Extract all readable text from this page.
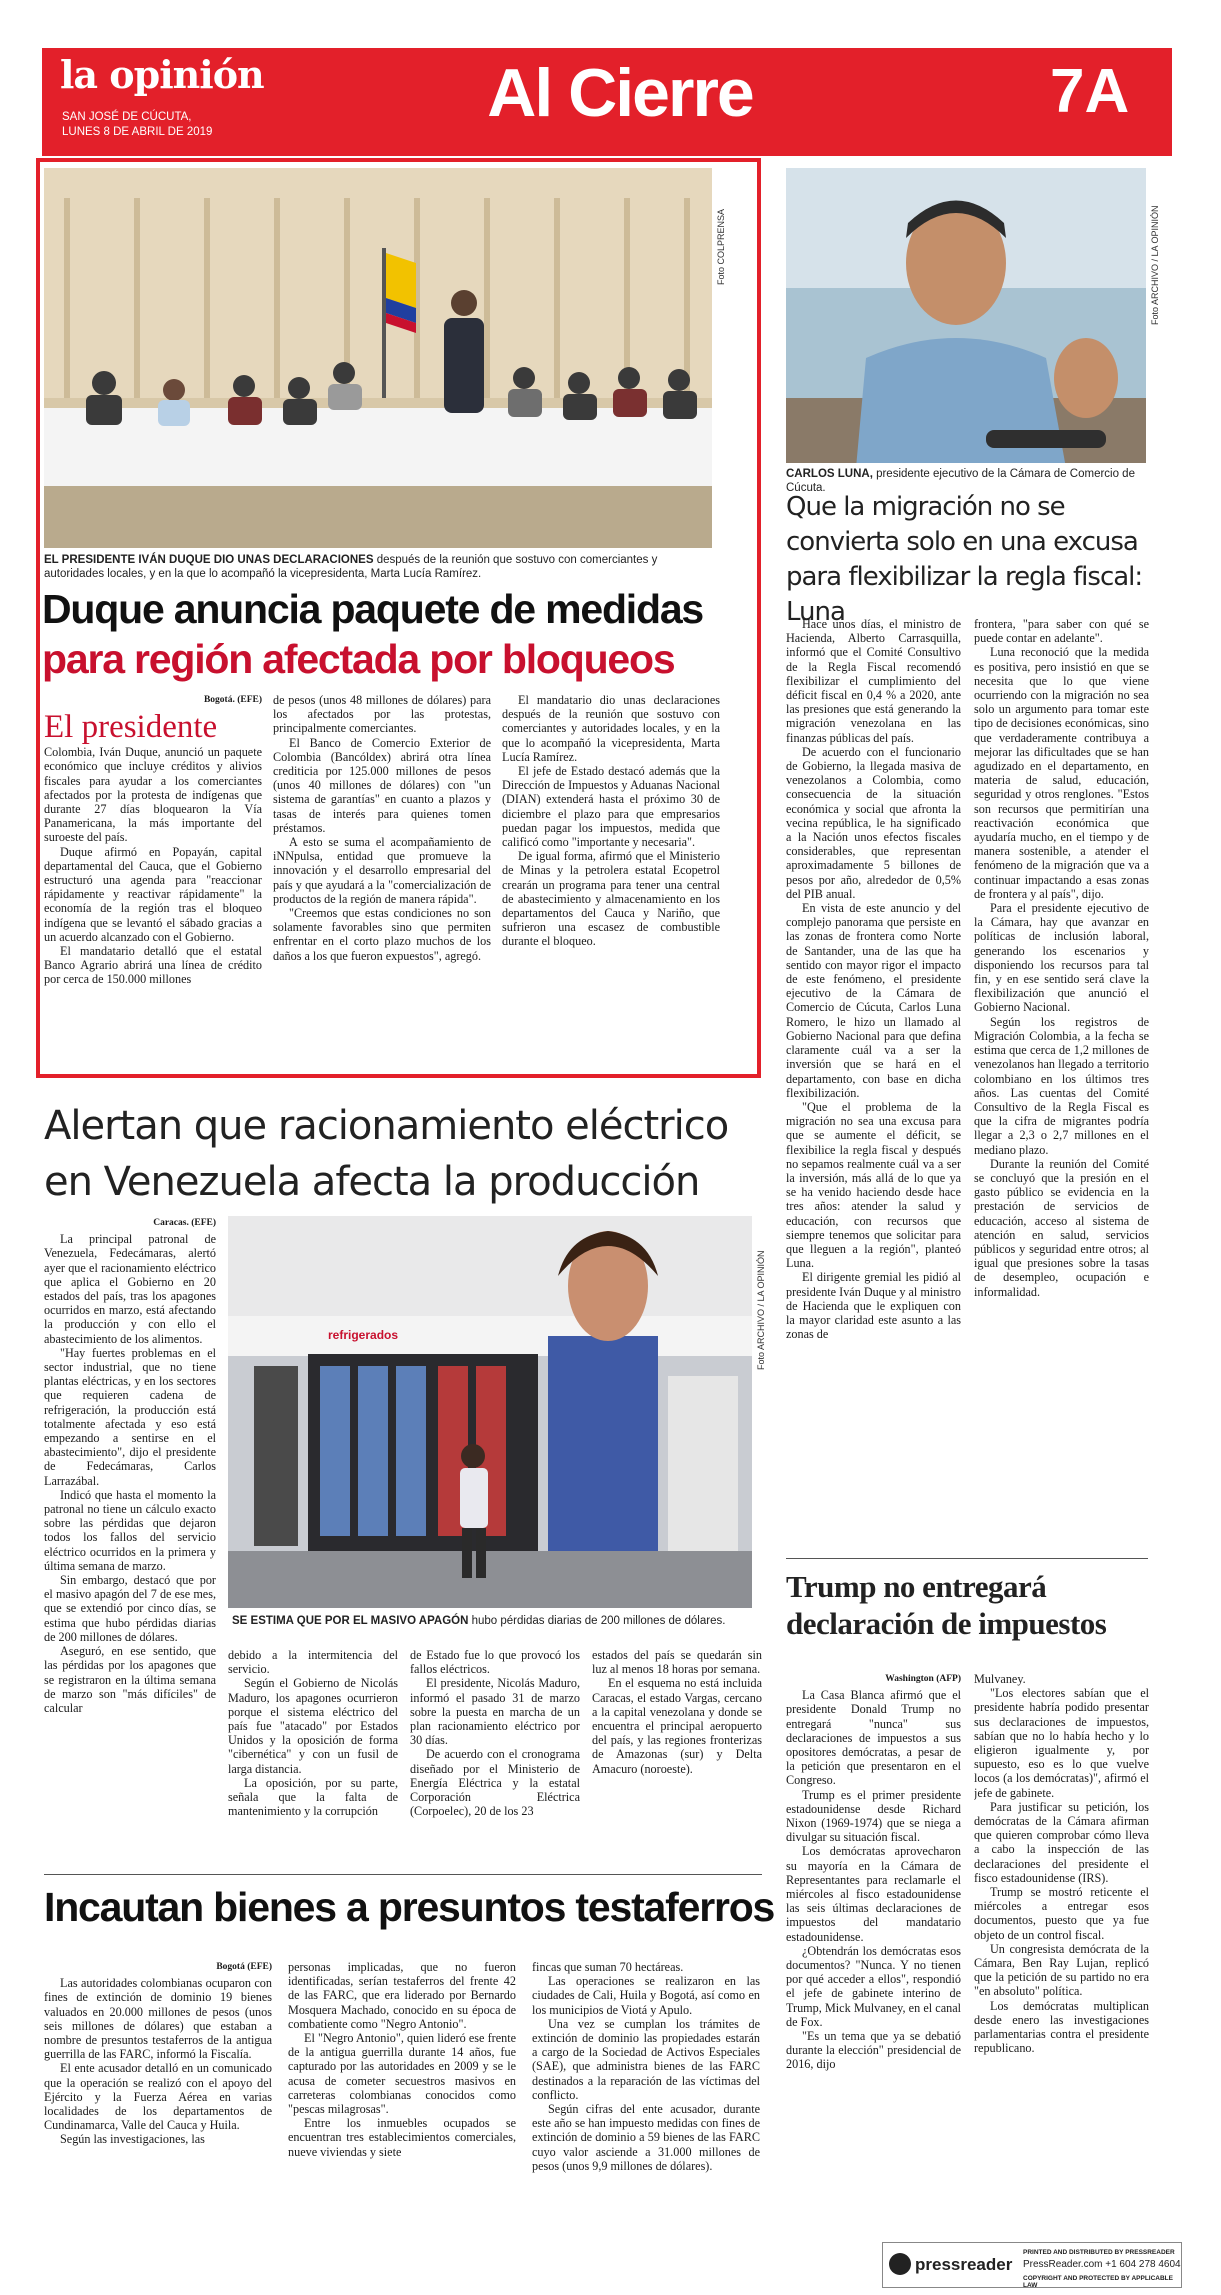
la opinión
SAN JOSÉ DE CÚCUTA,
LUNES 8 DE ABRIL DE 2019
Al Cierre	7A
Foto COLPRENSA
EL PRESIDENTE IVÁN DUQUE DIO UNAS DECLARACIONES después de la reunión que sostuvo con comerciantes y autoridades locales, y en la que lo acompañó la vicepresidenta, Marta Lucía Ramírez.
Duque anuncia paquete de medidas
para región afectada por bloqueos
Bogotá. (EFE)
El presidente

Colombia, Iván Duque, anunció un paquete económico que incluye créditos y alivios fiscales para ayudar a los comerciantes afectados por la protesta de indígenas que durante 27 días bloquearon la Vía Panamericana, la más importante del suroeste del país.

Duque afirmó en Popayán, capital departamental del Cauca, que el Gobierno estructuró una agenda para "reaccionar rápidamente y reactivar rápidamente" la economía de la región tras el bloqueo indígena que se levantó el sábado gracias a un acuerdo alcanzado con el Gobierno.

El mandatario detalló que el estatal Banco Agrario abrirá una línea de crédito por cerca de 150.000 millones

de pesos (unos 48 millones de dólares) para los afectados por las protestas, principalmente comerciantes.

El Banco de Comercio Exterior de Colombia (Bancóldex) abrirá otra línea crediticia por 125.000 millones de pesos (unos 40 millones de dólares) con "un sistema de garantías" en cuanto a plazos y tasas de interés para quienes tomen préstamos.

A esto se suma el acompañamiento de iNNpulsa, entidad que promueve la innovación y el desarrollo empresarial del país y que ayudará a la "comercialización de productos de la región de manera rápida".

"Creemos que estas condiciones no son solamente favorables sino que permiten enfrentar en el corto plazo muchos de los daños a los que fueron expuestos", agregó.

El mandatario dio unas declaraciones después de la reunión que sostuvo con comerciantes y autoridades locales, y en la que lo acompañó la vicepresidenta, Marta Lucía Ramírez.

El jefe de Estado destacó además que la Dirección de Impuestos y Aduanas Nacional (DIAN) extenderá hasta el próximo 30 de diciembre el plazo para que empresarios puedan pagar los impuestos, medida que calificó como "importante y necesaria".

De igual forma, afirmó que el Ministerio de Minas y la petrolera estatal Ecopetrol crearán un programa para tener una central de abastecimiento y almacenamiento en los departamentos del Cauca y Nariño, que sufrieron una escasez de combustible durante el bloqueo.

Foto ARCHIVO / LA OPINIÓN
CARLOS LUNA, presidente ejecutivo de la Cámara de Comercio de Cúcuta.
Que la migración no se convierta solo en una excusa para flexibilizar la regla fiscal: Luna

Hace unos días, el ministro de Hacienda, Alberto Carrasquilla, informó que el Comité Consultivo de la Regla Fiscal recomendó flexibilizar el cumplimiento del déficit fiscal en 0,4 % a 2020, ante las presiones que está generando la migración venezolana en las finanzas públicas del país.

De acuerdo con el funcionario de Gobierno, la llegada masiva de venezolanos a Colombia, como consecuencia de la situación económica y social que afronta la vecina república, le ha significado a la Nación unos efectos fiscales considerables, que representan aproximadamente 5 billones de pesos por año, alrededor de 0,5% del PIB anual.

En vista de este anuncio y del complejo panorama que persiste en las zonas de frontera como Norte de Santander, una de las que ha sentido con mayor rigor el impacto de este fenómeno, el presidente ejecutivo de la Cámara de Comercio de Cúcuta, Carlos Luna Romero, le hizo un llamado al Gobierno Nacional para que defina claramente cuál va a ser la inversión que se hará en el departamento, con base en dicha flexibilización.

"Que el problema de la migración no sea una excusa para que se aumente el déficit, se flexibilice la regla fiscal y después no sepamos realmente cuál va a ser la inversión, más allá de lo que ya se ha venido haciendo desde hace tres años: atender la salud y educación, con recursos que siempre tenemos que solicitar para que lleguen a la región", planteó Luna.

El dirigente gremial les pidió al presidente Iván Duque y al ministro de Hacienda que le expliquen con la mayor claridad este asunto a las zonas de

frontera, "para saber con qué se puede contar en adelante".

Luna reconoció que la medida es positiva, pero insistió en que se necesita que lo que viene ocurriendo con la migración no sea solo un argumento para tomar este tipo de decisiones económicas, sino que verdaderamente contribuya a mejorar las dificultades que se han agudizado en el departamento, en materia de salud, educación, seguridad y otros renglones. "Estos son recursos que permitirían una reactivación económica que ayudaría mucho, en el tiempo y de manera sostenible, a atender el fenómeno de la migración que va a continuar impactando a esas zonas de frontera y al país", dijo.

Para el presidente ejecutivo de la Cámara, hay que avanzar en políticas de inclusión laboral, generando los escenarios y disponiendo los recursos para tal fin, y en ese sentido será clave la flexibilización que anunció el Gobierno Nacional.

Según los registros de Migración Colombia, a la fecha se estima que cerca de 1,2 millones de venezolanos han llegado a territorio colombiano en los últimos tres años. Las cuentas del Comité Consultivo de la Regla Fiscal es que la cifra de migrantes podría llegar a 2,3 o 2,7 millones en el mediano plazo.

Durante la reunión del Comité se concluyó que la presión en el gasto público se evidencia en la prestación de servicios de educación, acceso al sistema de atención en salud, servicios públicos y seguridad entre otros; al igual que presiones sobre la tasas de desempleo, ocupación e informalidad.

Trump no entregará declaración de impuestos
Washington (AFP)

La Casa Blanca afirmó que el presidente Donald Trump no entregará "nunca" sus declaraciones de impuestos a sus opositores demócratas, a pesar de la petición que presentaron en el Congreso.

Trump es el primer presidente estadounidense desde Richard Nixon (1969-1974) que se niega a divulgar su situación fiscal.

Los demócratas aprovecharon su mayoría en la Cámara de Representantes para reclamarle el miércoles al fisco estadounidense las seis últimas declaraciones de impuestos del mandatario estadounidense.

¿Obtendrán los demócratas esos documentos? "Nunca. Y no tienen por qué acceder a ellos", respondió el jefe de gabinete interino de Trump, Mick Mulvaney, en el canal de Fox.

"Es un tema que ya se debatió durante la elección" presidencial de 2016, dijo

Mulvaney.

"Los electores sabían que el presidente habría podido presentar sus declaraciones de impuestos, sabían que no lo había hecho y lo eligieron igualmente y, por supuesto, eso es lo que vuelve locos (a los demócratas)", afirmó el jefe de gabinete.

Para justificar su petición, los demócratas de la Cámara afirman que quieren comprobar cómo lleva a cabo la inspección de las declaraciones del presidente el fisco estadounidense (IRS).

Trump se mostró reticente el miércoles a entregar esos documentos, puesto que ya fue objeto de un control fiscal.

Un congresista demócrata de la Cámara, Ben Ray Lujan, replicó que la petición de su partido no era "en absoluto" política.

Los demócratas multiplican desde enero las investigaciones parlamentarias contra el presidente republicano.

Alertan que racionamiento eléctrico en Venezuela afecta la producción
Caracas. (EFE)

La principal patronal de Venezuela, Fedecámaras, alertó ayer que el racionamiento eléctrico que aplica el Gobierno en 20 estados del país, tras los apagones ocurridos en marzo, está afectando la producción y con ello el abastecimiento de los alimentos.

"Hay fuertes problemas en el sector industrial, que no tiene plantas eléctricas, y en los sectores que requieren cadena de refrigeración, la producción está totalmente afectada y eso está empezando a sentirse en el abastecimiento", dijo el presidente de Fedecámaras, Carlos Larrazábal.

Indicó que hasta el momento la patronal no tiene un cálculo exacto sobre las pérdidas que dejaron todos los fallos del servicio eléctrico ocurridos en la primera y última semana de marzo.

Sin embargo, destacó que por el masivo apagón del 7 de ese mes, que se extendió por cinco días, se estima que hubo pérdidas diarias de 200 millones de dólares.

Aseguró, en ese sentido, que las pérdidas por los apagones que se registraron en la última semana de marzo son "más difíciles" de calcular

refrigerados	Foto ARCHIVO / LA OPINIÓN
SE ESTIMA QUE POR EL MASIVO APAGÓN hubo pérdidas diarias de 200 millones de dólares.

debido a la intermitencia del servicio.

Según el Gobierno de Nicolás Maduro, los apagones ocurrieron porque el sistema eléctrico del país fue "atacado" por Estados Unidos y la oposición de forma "cibernética" y con un fusil de larga distancia.

La oposición, por su parte, señala que la falta de mantenimiento y la corrupción

de Estado fue lo que provocó los fallos eléctricos.

El presidente, Nicolás Maduro, informó el pasado 31 de marzo sobre la puesta en marcha de un plan racionamiento eléctrico por 30 días.

De acuerdo con el cronograma diseñado por el Ministerio de Energía Eléctrica y la estatal Corporación Eléctrica (Corpoelec), 20 de los 23

estados del país se quedarán sin luz al menos 18 horas por semana.

En el esquema no está incluida Caracas, el estado Vargas, cercano a la capital venezolana y donde se encuentra el principal aeropuerto del país, y las regiones fronterizas de Amazonas (sur) y Delta Amacuro (noroeste).

Incautan bienes a presuntos testaferros
Bogotá (EFE)

Las autoridades colombianas ocuparon con fines de extinción de dominio 19 bienes valuados en 20.000 millones de pesos (unos seis millones de dólares) que estaban a nombre de presuntos testaferros de la antigua guerrilla de las FARC, informó la Fiscalía.

El ente acusador detalló en un comunicado que la operación se realizó con el apoyo del Ejército y la Fuerza Aérea en varias localidades de los departamentos de Cundinamarca, Valle del Cauca y Huila.

Según las investigaciones, las

personas implicadas, que no fueron identificadas, serían testaferros del frente 42 de las FARC, que era liderado por Bernardo Mosquera Machado, conocido en su época de combatiente como "Negro Antonio".

El "Negro Antonio", quien lideró ese frente de la antigua guerrilla durante 14 años, fue capturado por las autoridades en 2009 y se le acusa de cometer secuestros masivos en carreteras colombianas conocidos como "pescas milagrosas".

Entre los inmuebles ocupados se encuentran tres establecimientos comerciales, nueve viviendas y siete

fincas que suman 70 hectáreas.

Las operaciones se realizaron en las ciudades de Cali, Huila y Bogotá, así como en los municipios de Viotá y Apulo.

Una vez se cumplan los trámites de extinción de dominio las propiedades estarán a cargo de la Sociedad de Activos Especiales (SAE), que administra bienes de las FARC destinados a la reparación de las víctimas del conflicto.

Según cifras del ente acusador, durante este año se han impuesto medidas con fines de extinción de dominio a 59 bienes de las FARC cuyo valor asciende a 31.000 millones de pesos (unos 9,9 millones de dólares).

pressreader
PRINTED AND DISTRIBUTED BY PRESSREADER
PressReader.com +1 604 278 4604
COPYRIGHT AND PROTECTED BY APPLICABLE LAW
